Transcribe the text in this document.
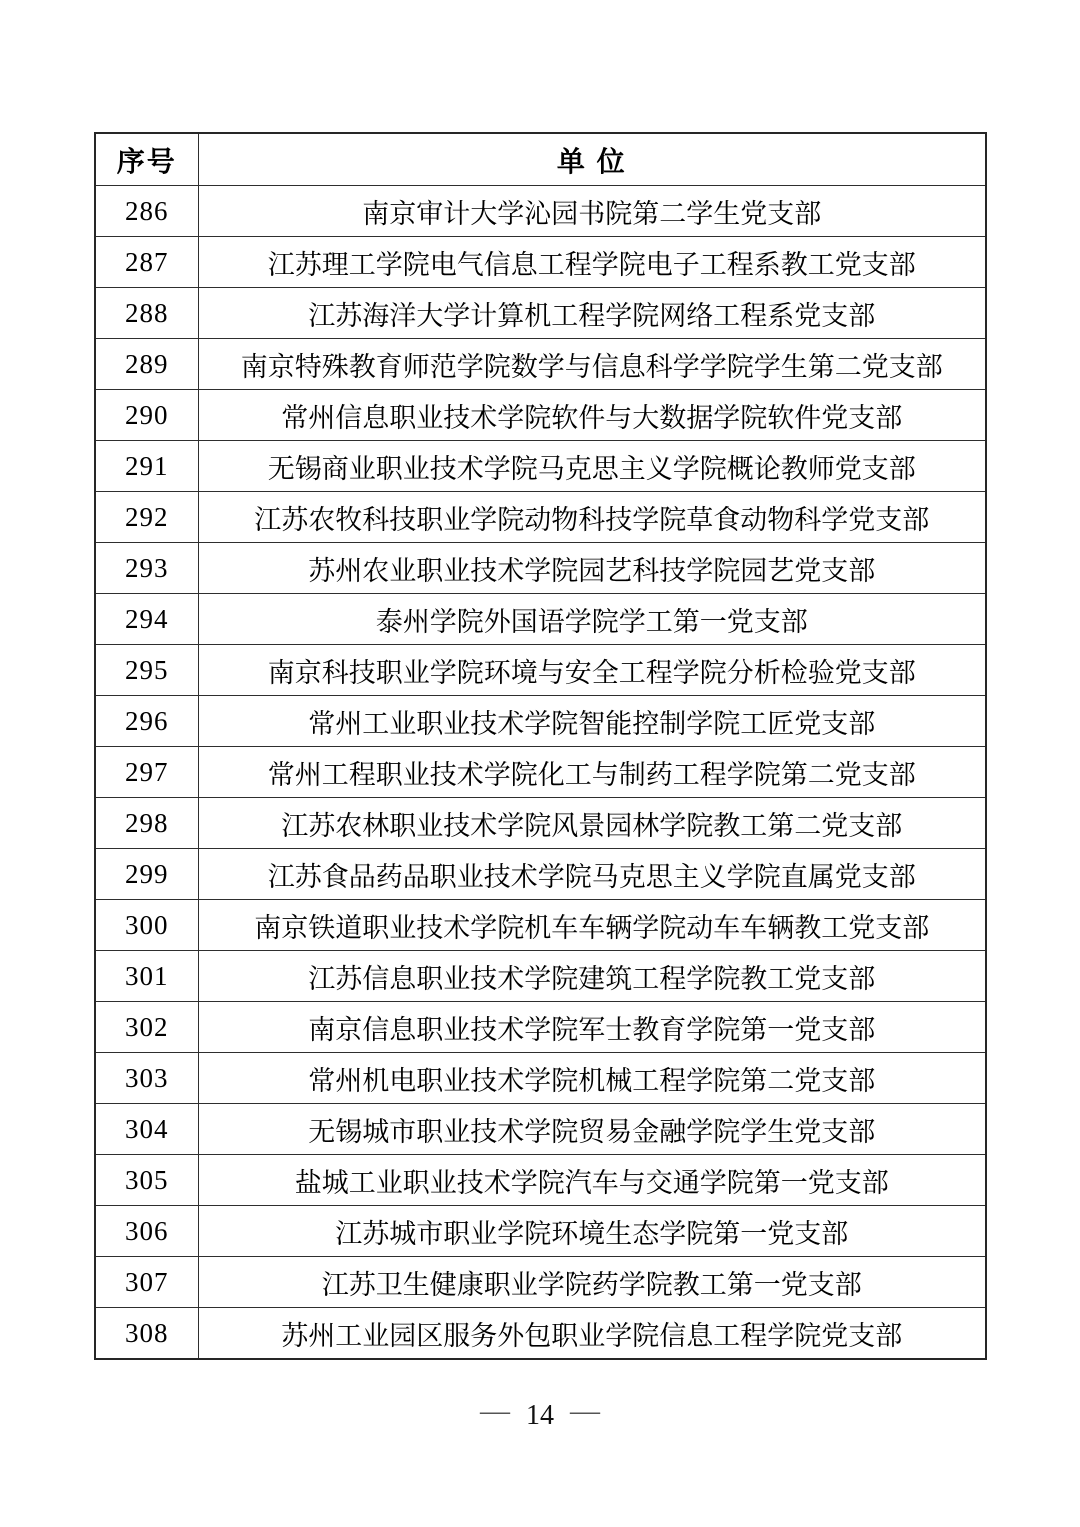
序号	单 位
286	南京审计大学沁园书院第二学生党支部
287	江苏理工学院电气信息工程学院电子工程系教工党支部
288	江苏海洋大学计算机工程学院网络工程系党支部
289	南京特殊教育师范学院数学与信息科学学院学生第二党支部
290	常州信息职业技术学院软件与大数据学院软件党支部
291	无锡商业职业技术学院马克思主义学院概论教师党支部
292	江苏农牧科技职业学院动物科技学院草食动物科学党支部
293	苏州农业职业技术学院园艺科技学院园艺党支部
294	泰州学院外国语学院学工第一党支部
295	南京科技职业学院环境与安全工程学院分析检验党支部
296	常州工业职业技术学院智能控制学院工匠党支部
297	常州工程职业技术学院化工与制药工程学院第二党支部
298	江苏农林职业技术学院风景园林学院教工第二党支部
299	江苏食品药品职业技术学院马克思主义学院直属党支部
300	南京铁道职业技术学院机车车辆学院动车车辆教工党支部
301	江苏信息职业技术学院建筑工程学院教工党支部
302	南京信息职业技术学院军士教育学院第一党支部
303	常州机电职业技术学院机械工程学院第二党支部
304	无锡城市职业技术学院贸易金融学院学生党支部
305	盐城工业职业技术学院汽车与交通学院第一党支部
306	江苏城市职业学院环境生态学院第一党支部
307	江苏卫生健康职业学院药学院教工第一党支部
308	苏州工业园区服务外包职业学院信息工程学院党支部
— 14 —
